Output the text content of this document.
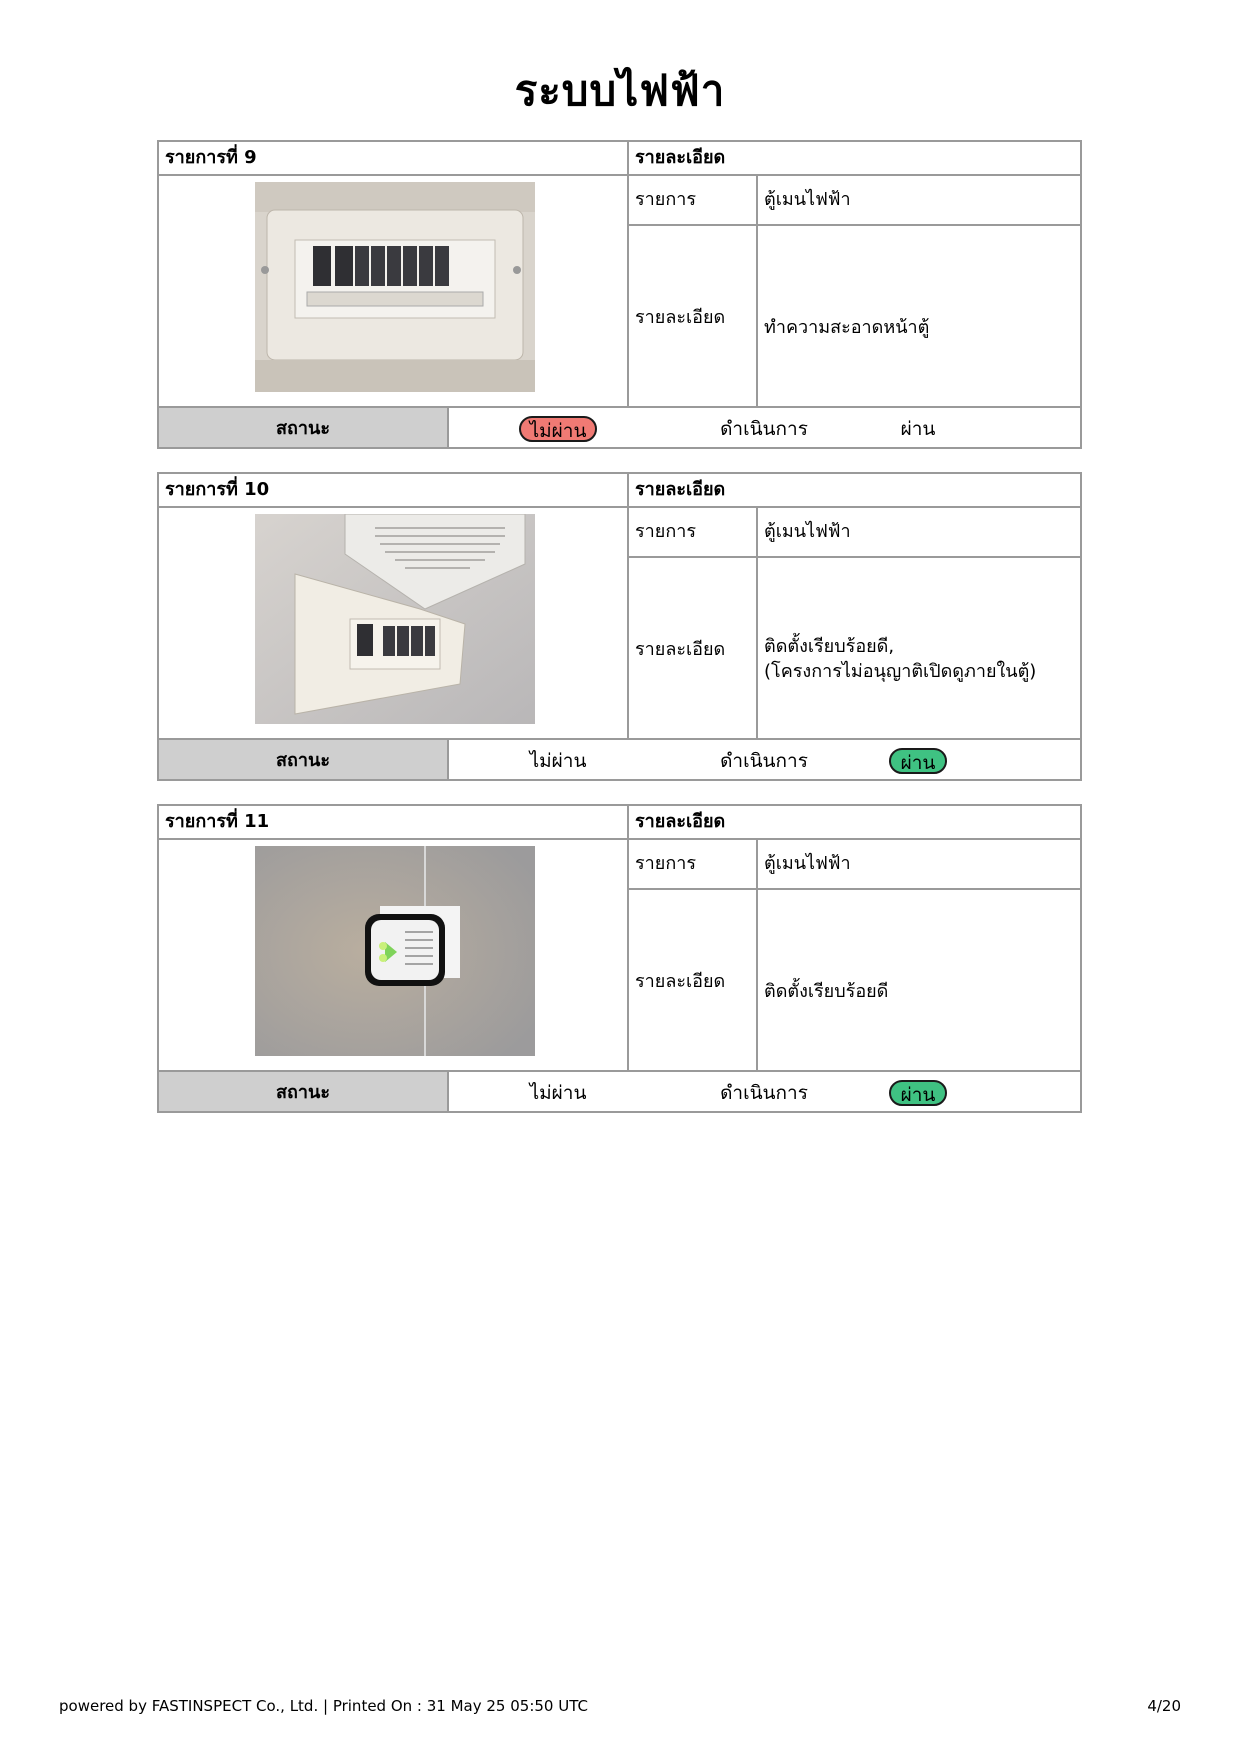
ระบบไฟฟ้า
รายการที่ 9	รายละเอียด
รายการ	ตู้เมนไฟฟ้า
รายละเอียด	ทำความสะอาดหน้าตู้
สถานะ	ไม่ผ่าน	ดำเนินการ	ผ่าน
รายการที่ 10	รายละเอียด
รายการ	ตู้เมนไฟฟ้า
รายละเอียด	ติดตั้งเรียบร้อยดี,
(โครงการไม่อนุญาติเปิดดูภายในตู้)
สถานะ	ไม่ผ่าน	ดำเนินการ	ผ่าน
รายการที่ 11	รายละเอียด
รายการ	ตู้เมนไฟฟ้า
รายละเอียด	ติดตั้งเรียบร้อยดี
สถานะ	ไม่ผ่าน	ดำเนินการ	ผ่าน
powered by FASTINSPECT Co., Ltd. | Printed On : 31 May 25 05:50 UTC	4/20
